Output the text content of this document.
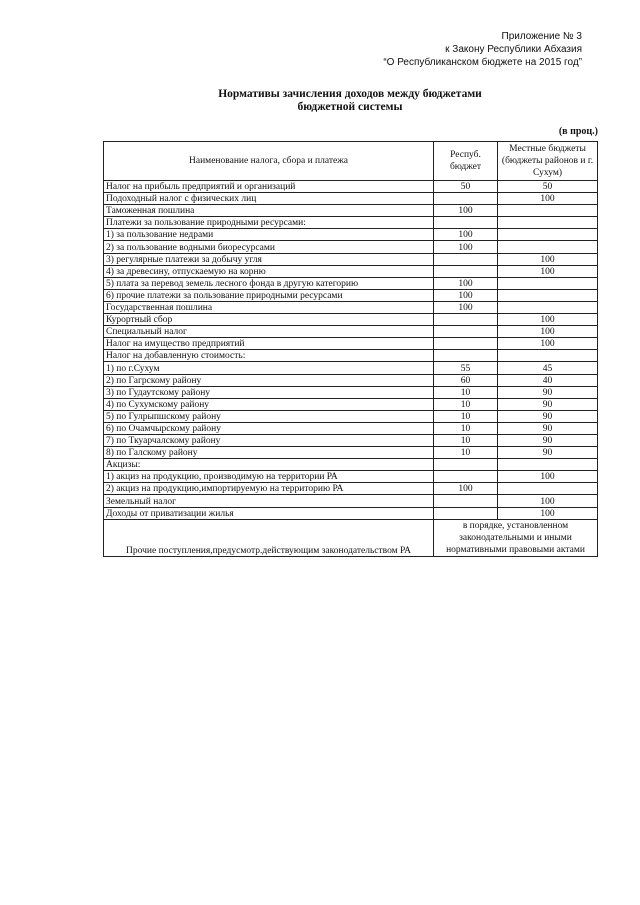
Приложение № 3
к Закону Республики Абхазия
“О Республиканском бюджете на 2015 год”
Нормативы зачисления доходов между бюджетами
бюджетной системы
(в проц.)
Наименование налога, сбора и платежа	Респуб. бюджет	Местные бюджеты (бюджеты районов и г. Сухум)
Налог на прибыль предприятий и организаций	50	50
Подоходный налог с физических лиц		100
Таможенная пошлина	100	
Платежи за пользование природными ресурсами:		
1) за пользование недрами	100	
2) за пользование водными биоресурсами	100	
3) регулярные платежи за добычу угля		100
4) за древесину, отпускаемую на корню		100
5) плата за перевод земель лесного фонда в другую категорию	100	
6) прочие платежи за пользование природными ресурсами	100	
Государственная пошлина	100	
Курортный сбор		100
Специальный налог		100
Налог на имущество предприятий		100
Налог на добавленную стоимость:		
1) по г.Сухум	55	45
2) по Гагрскому району	60	40
3) по Гудаутскому району	10	90
4) по Сухумскому району	10	90
5) по Гулрыпшскому району	10	90
6) по Очамчырскому району	10	90
7) по Ткуарчалскому району	10	90
8) по Галскому району	10	90
Акцизы:		
1) акциз на продукцию, производимую на территории РА		100
2) акциз на продукцию,импортируемую на территорию РА	100	
Земельный налог		100
Доходы от приватизации жилья		100
Прочие поступления,предусмотр.действующим законодательством РА	в порядке, установленном законодательными и иными нормативными правовыми актами	
